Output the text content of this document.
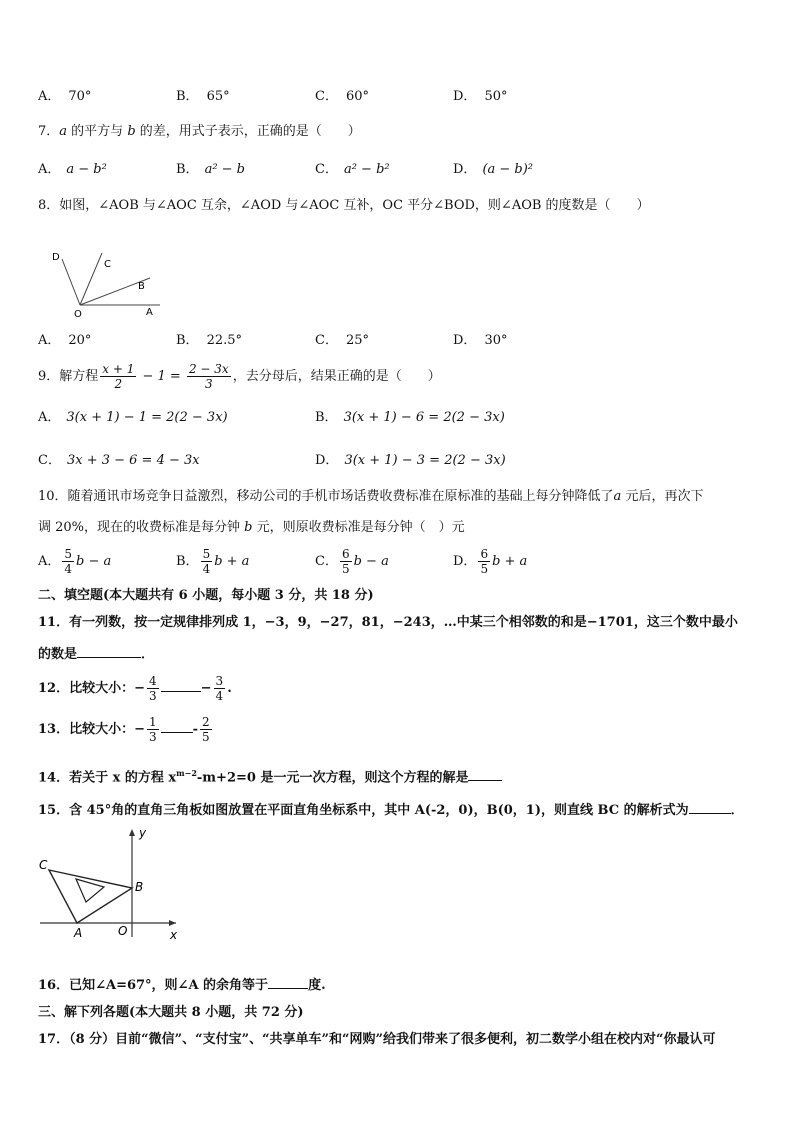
A． 70°	B． 65°	C． 60°	D． 50°
7．a 的平方与 b 的差，用式子表示，正确的是（　　）
A． a − b²	B． a² − b	C． a² − b²	D． (a − b)²
8．如图，∠AOB 与∠AOC 互余，∠AOD 与∠AOC 互补，OC 平分∠BOD，则∠AOB 的度数是（　　）
D
C
B
A
O
A． 20°	B． 22.5°	C． 25°	D． 30°
9．解方程 $\frac{x + 1}{2} - 1 = \frac{2 - 3x}{3}$ ，去分母后，结果正确的是（　　）
A． 3(x + 1) − 1 = 2(2 − 3x)	B． 3(x + 1) − 6 = 2(2 − 3x)
C． 3x + 3 − 6 = 4 − 3x	D． 3(x + 1) − 3 = 2(2 − 3x)
10．随着通讯市场竞争日益激烈，移动公司的手机市场话费收费标准在原标准的基础上每分钟降低了a 元后，再次下
调 20%，现在的收费标准是每分钟 b 元，则原收费标准是每分钟（　）元
A． $\frac{5}{4}$ b − a	B． $\frac{5}{4}$ b + a	C． $\frac{6}{5}$ b − a	D． $\frac{6}{5}$ b + a
二、填空题(本大题共有 6 小题，每小题 3 分，共 18 分)
11．有一列数，按一定规律排列成 1，−3，9，−27，81，−243，…中某三个相邻数的和是−1701，这三个数中最小
的数是	．
12．比较大小：− $\frac{4}{3}$	− $\frac{3}{4}$ .
13．比较大小：− $\frac{1}{3}$	- $\frac{2}{5}$
14．若关于 x 的方程 $x^{m-2}-m+2=0$ 是一元一次方程，则这个方程的解是
15．含 45°角的直角三角板如图放置在平面直角坐标系中，其中 A(-2，0)，B(0，1)，则直线 BC 的解析式为	．
C
B
A	O	x
y
16．已知∠A=67°，则∠A 的余角等于	度.
三、解下列各题(本大题共 8 小题，共 72 分)
17．（8 分）目前“微信”、“支付宝”、“共享单车”和“网购”给我们带来了很多便利，初二数学小组在校内对“你最认可
